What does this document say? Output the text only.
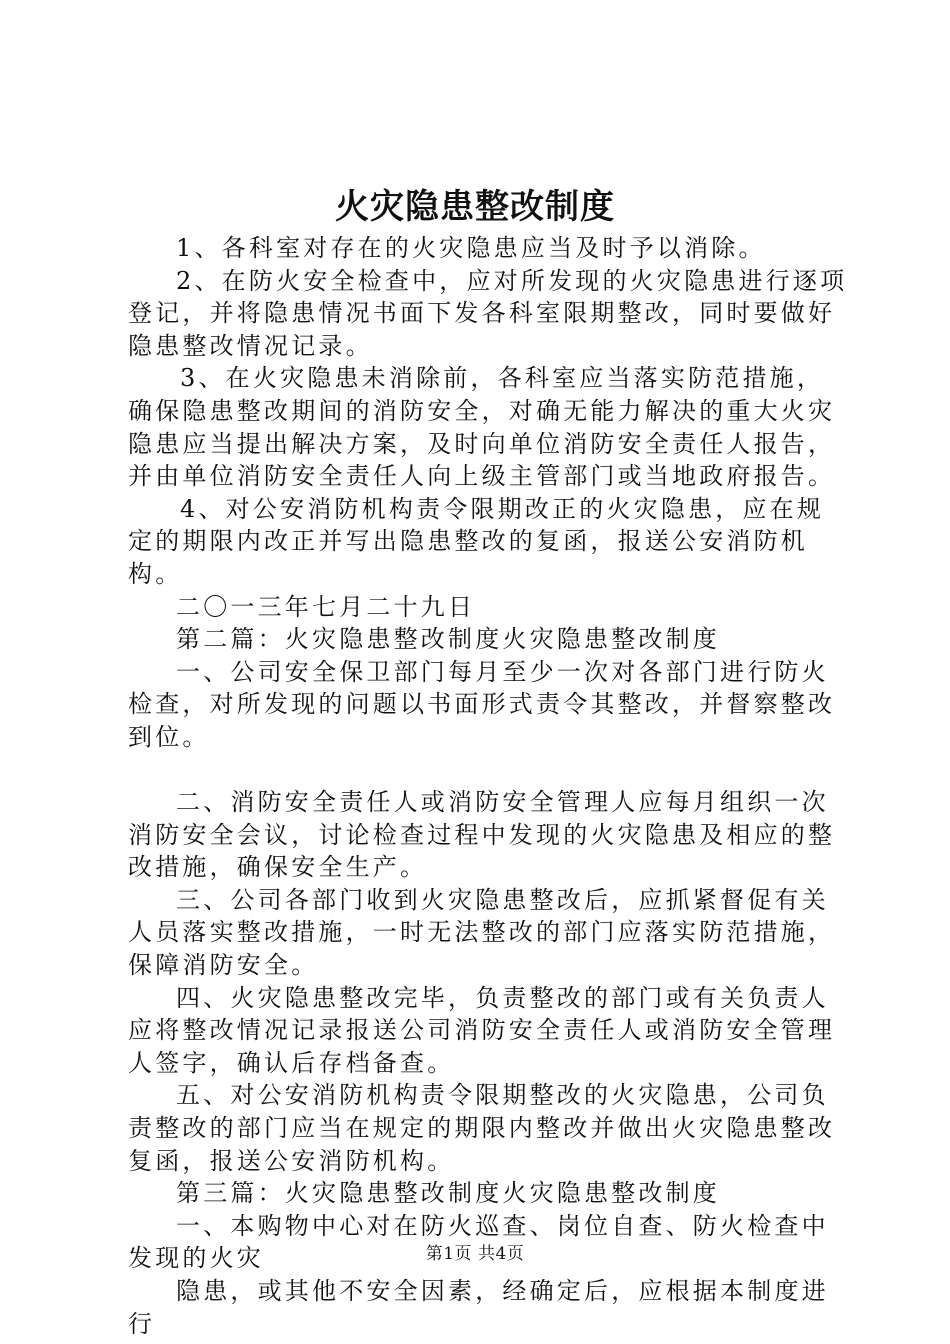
火灾隐患整改制度

1、各科室对存在的火灾隐患应当及时予以消除。

2、在防火安全检查中，应对所发现的火灾隐患进行逐项登记，并将隐患情况书面下发各科室限期整改，同时要做好隐患整改情况记录。

3、在火灾隐患未消除前，各科室应当落实防范措施，确保隐患整改期间的消防安全，对确无能力解决的重大火灾隐患应当提出解决方案，及时向单位消防安全责任人报告，并由单位消防安全责任人向上级主管部门或当地政府报告。

4、对公安消防机构责令限期改正的火灾隐患，应在规定的期限内改正并写出隐患整改的复函，报送公安消防机构。

二〇一三年七月二十九日

第二篇：火灾隐患整改制度火灾隐患整改制度

一、公司安全保卫部门每月至少一次对各部门进行防火检查，对所发现的问题以书面形式责令其整改，并督察整改到位。

二、消防安全责任人或消防安全管理人应每月组织一次消防安全会议，讨论检查过程中发现的火灾隐患及相应的整改措施，确保安全生产。

三、公司各部门收到火灾隐患整改后，应抓紧督促有关人员落实整改措施，一时无法整改的部门应落实防范措施，保障消防安全。

四、火灾隐患整改完毕，负责整改的部门或有关负责人应将整改情况记录报送公司消防安全责任人或消防安全管理人签字，确认后存档备查。

五、对公安消防机构责令限期整改的火灾隐患，公司负责整改的部门应当在规定的期限内整改并做出火灾隐患整改复函，报送公安消防机构。

第三篇：火灾隐患整改制度火灾隐患整改制度

一、本购物中心对在防火巡查、岗位自查、防火检查中发现的火灾

隐患，或其他不安全因素，经确定后，应根据本制度进行

第1页 共4页
